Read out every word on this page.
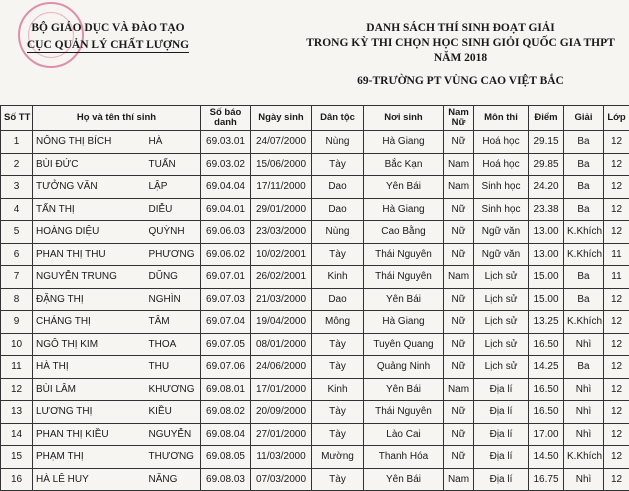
BỘ GIÁO DỤC VÀ ĐÀO TẠO
CỤC QUẢN LÝ CHẤT LƯỢNG
DANH SÁCH THÍ SINH ĐOẠT GIẢI
TRONG KỲ THI CHỌN HỌC SINH GIỎI QUỐC GIA THPT
NĂM 2018
69-TRƯỜNG PT VÙNG CAO VIỆT BẮC
Số TT	Họ và tên thí sinh		Số báo danh	Ngày sinh	Dân tộc	Nơi sinh	Nam Nữ	Môn thi	Điểm	Giải	Lớp
1	NÔNG THỊ BÍCH	HÀ	69.03.01	24/07/2000	Nùng	Hà Giang	Nữ	Hoá học	29.15	Ba	12
2	BÙI ĐỨC	TUẤN	69.03.02	15/06/2000	Tày	Bắc Kạn	Nam	Hoá học	29.85	Ba	12
3	TƯỞNG VĂN	LẬP	69.04.04	17/11/2000	Dao	Yên Bái	Nam	Sinh học	24.20	Ba	12
4	TẤN THỊ	DIỄU	69.04.01	29/01/2000	Dao	Hà Giang	Nữ	Sinh học	23.38	Ba	12
5	HOÀNG DIỆU	QUỲNH	69.06.03	23/03/2000	Nùng	Cao Bằng	Nữ	Ngữ văn	13.00	K.Khích	12
6	PHAN THỊ THU	PHƯƠNG	69.06.02	10/02/2001	Tày	Thái Nguyên	Nữ	Ngữ văn	13.00	K.Khích	11
7	NGUYỄN TRUNG	DŨNG	69.07.01	26/02/2001	Kinh	Thái Nguyên	Nam	Lịch sử	15.00	Ba	11
8	ĐẶNG THỊ	NGHÌN	69.07.03	21/03/2000	Dao	Yên Bái	Nữ	Lịch sử	15.00	Ba	12
9	CHÁNG THỊ	TÂM	69.07.04	19/04/2000	Mông	Hà Giang	Nữ	Lịch sử	13.25	K.Khích	12
10	NGÔ THỊ KIM	THOA	69.07.05	08/01/2000	Tày	Tuyên Quang	Nữ	Lịch sử	16.50	Nhì	12
11	HÀ THỊ	THU	69.07.06	24/06/2000	Tày	Quảng Ninh	Nữ	Lịch sử	14.25	Ba	12
12	BÙI LÂM	KHƯƠNG	69.08.01	17/01/2000	Kinh	Yên Bái	Nam	Địa lí	16.50	Nhì	12
13	LƯƠNG THỊ	KIỀU	69.08.02	20/09/2000	Tày	Thái Nguyên	Nữ	Địa lí	16.50	Nhì	12
14	PHAN THỊ KIỀU	NGUYỄN	69.08.04	27/01/2000	Tày	Lào Cai	Nữ	Địa lí	17.00	Nhì	12
15	PHẠM THỊ	THƯƠNG	69.08.05	11/03/2000	Mường	Thanh Hóa	Nữ	Địa lí	14.50	K.Khích	12
16	HÀ LÊ HUY	NĂNG	69.08.03	07/03/2000	Tày	Yên Bái	Nam	Địa lí	16.75	Nhì	12
